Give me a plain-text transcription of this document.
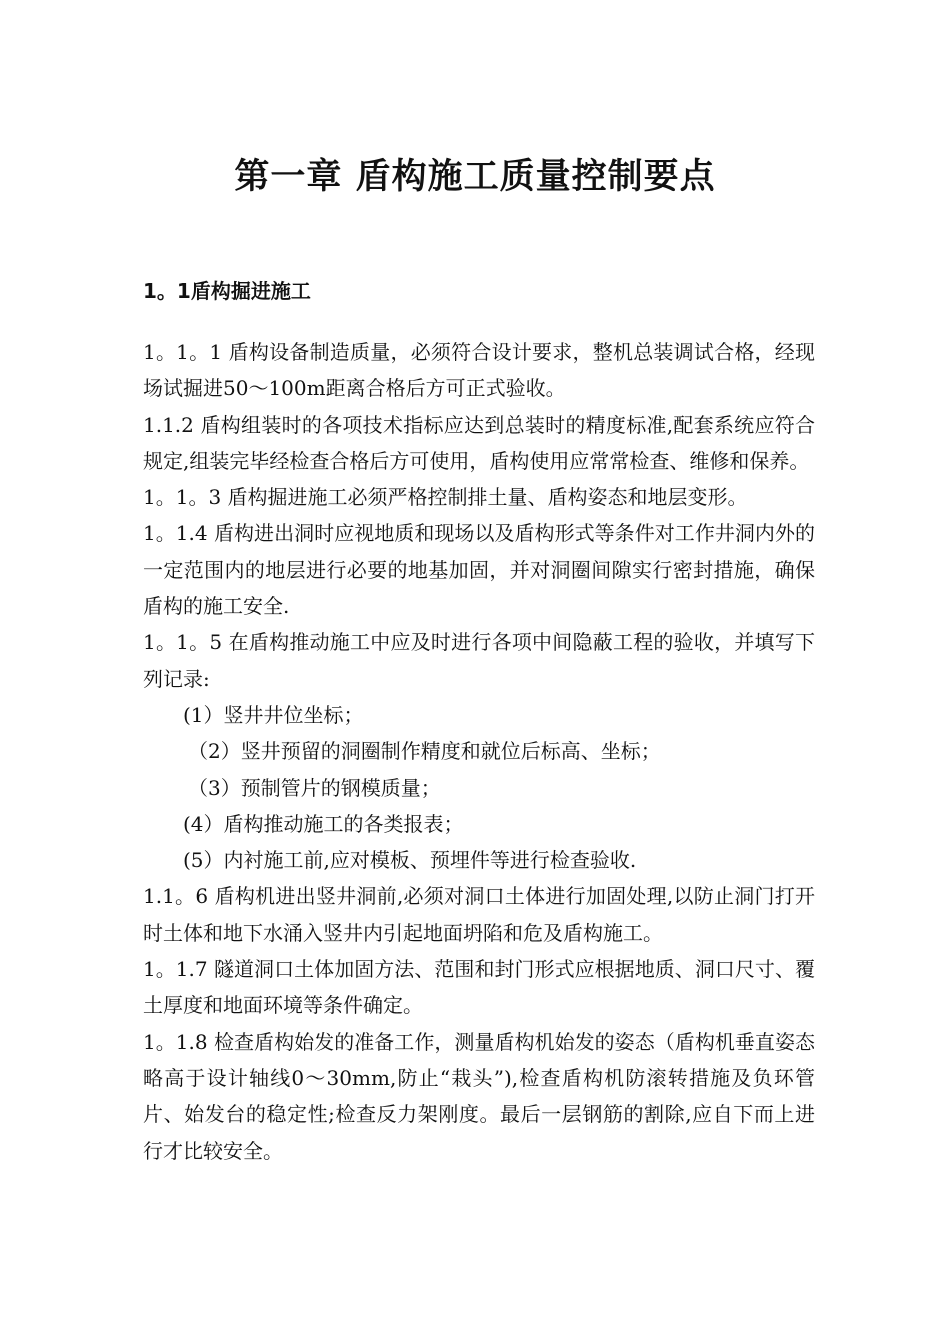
第一章 盾构施工质量控制要点
1。1盾构掘进施工

1。1。1 盾构设备制造质量，必须符合设计要求，整机总装调试合格，经现场试掘进50～100m距离合格后方可正式验收。

1.1.2 盾构组装时的各项技术指标应达到总装时的精度标准,配套系统应符合规定,组装完毕经检查合格后方可使用，盾构使用应常常检查、维修和保养。

1。1。3 盾构掘进施工必须严格控制排土量、盾构姿态和地层变形。

1。1.4 盾构进出洞时应视地质和现场以及盾构形式等条件对工作井洞内外的一定范围内的地层进行必要的地基加固，并对洞圈间隙实行密封措施，确保盾构的施工安全.

1。1。5 在盾构推动施工中应及时进行各项中间隐蔽工程的验收，并填写下列记录:

(1）竖井井位坐标；

（2）竖井预留的洞圈制作精度和就位后标高、坐标；

（3）预制管片的钢模质量；

(4）盾构推动施工的各类报表；

(5）内衬施工前,应对模板、预埋件等进行检查验收.

1.1。6 盾构机进出竖井洞前,必须对洞口土体进行加固处理,以防止洞门打开时土体和地下水涌入竖井内引起地面坍陷和危及盾构施工。

1。1.7 隧道洞口土体加固方法、范围和封门形式应根据地质、洞口尺寸、覆土厚度和地面环境等条件确定。

1。1.8 检查盾构始发的准备工作，测量盾构机始发的姿态（盾构机垂直姿态略高于设计轴线0～30mm,防止“栽头”),检查盾构机防滚转措施及负环管片、始发台的稳定性;检查反力架刚度。最后一层钢筋的割除,应自下而上进行才比较安全。
